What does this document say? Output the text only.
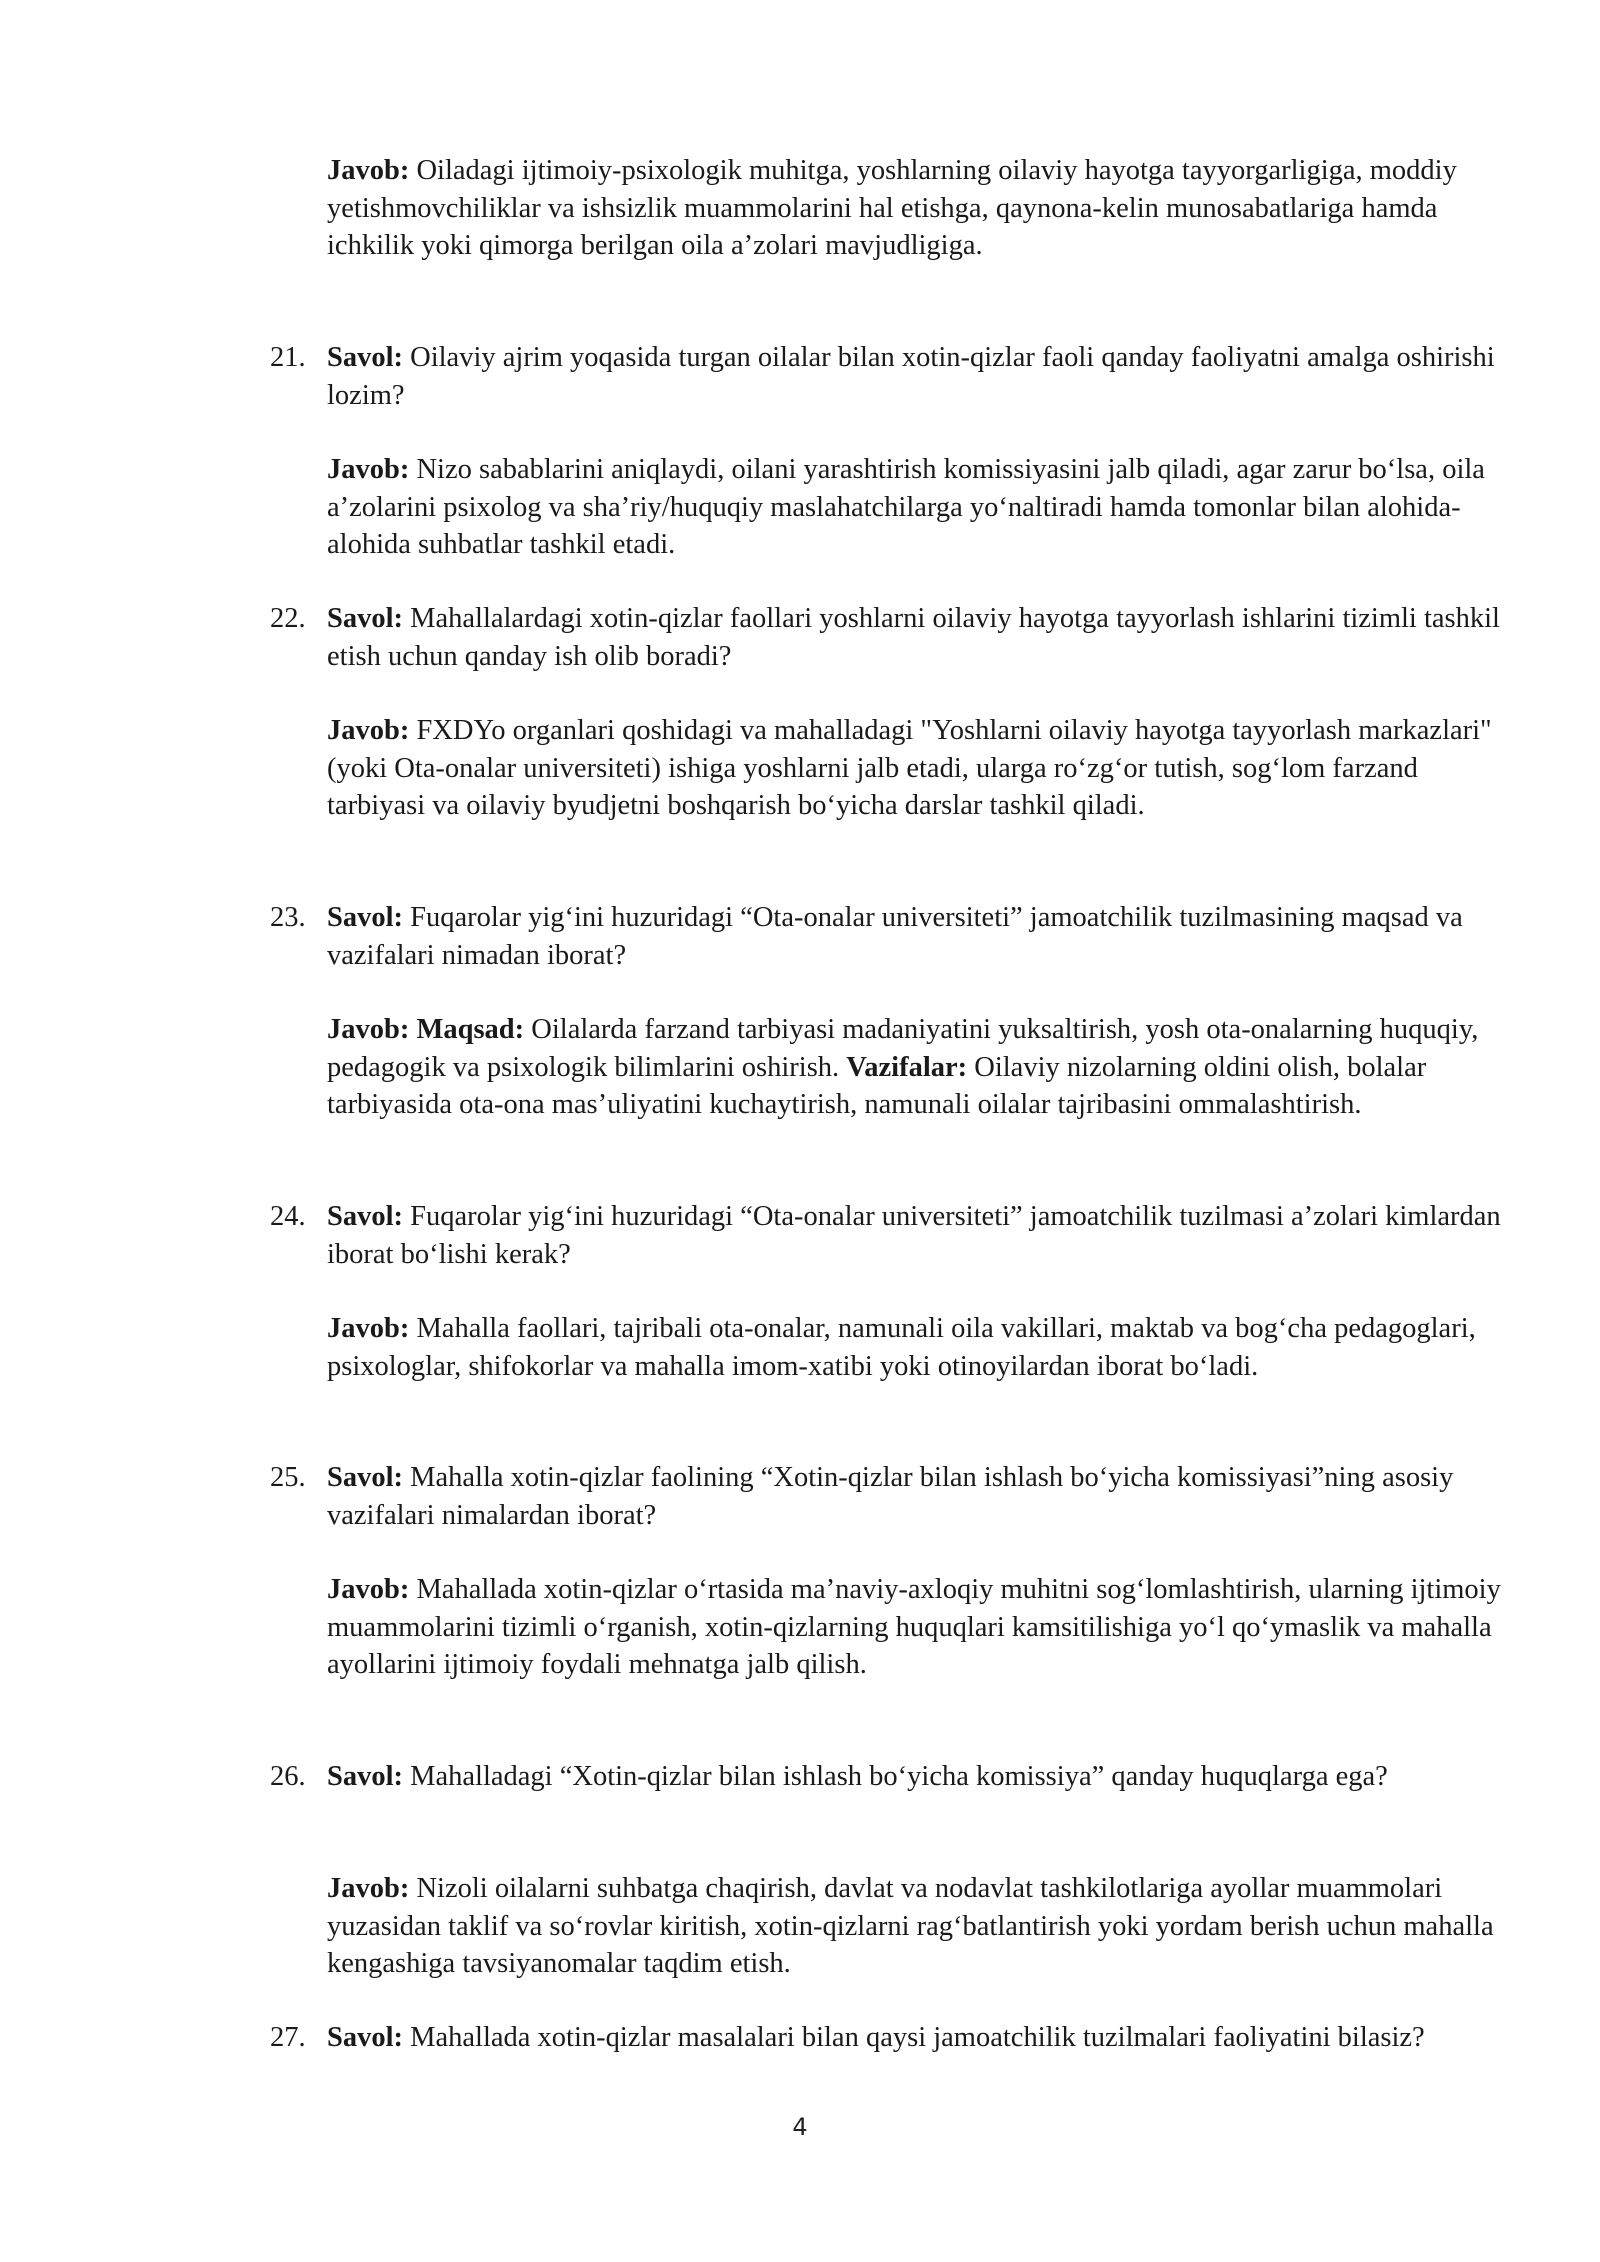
Javob: Oiladagi ijtimoiy-psixologik muhitga, yoshlarning oilaviy hayotga tayyorgarligiga, moddiy yetishmovchiliklar va ishsizlik muammolarini hal etishga, qaynona-kelin munosabatlariga hamda ichkilik yoki qimorga berilgan oila a’zolari mavjudligiga.

21. Savol: Oilaviy ajrim yoqasida turgan oilalar bilan xotin-qizlar faoli qanday faoliyatni amalga oshirishi lozim?

Javob: Nizo sabablarini aniqlaydi, oilani yarashtirish komissiyasini jalb qiladi, agar zarur bo‘lsa, oila a’zolarini psixolog va sha’riy/huquqiy maslahatchilarga yo‘naltiradi hamda tomonlar bilan alohida-alohida suhbatlar tashkil etadi.

22. Savol: Mahallalardagi xotin-qizlar faollari yoshlarni oilaviy hayotga tayyorlash ishlarini tizimli tashkil etish uchun qanday ish olib boradi?

Javob: FXDYo organlari qoshidagi va mahalladagi "Yoshlarni oilaviy hayotga tayyorlash markazlari" (yoki Ota-onalar universiteti) ishiga yoshlarni jalb etadi, ularga ro‘zg‘or tutish, sog‘lom farzand tarbiyasi va oilaviy byudjetni boshqarish bo‘yicha darslar tashkil qiladi.

23. Savol: Fuqarolar yig‘ini huzuridagi “Ota-onalar universiteti” jamoatchilik tuzilmasining maqsad va vazifalari nimadan iborat?

Javob: Maqsad: Oilalarda farzand tarbiyasi madaniyatini yuksaltirish, yosh ota-onalarning huquqiy, pedagogik va psixologik bilimlarini oshirish. Vazifalar: Oilaviy nizolarning oldini olish, bolalar tarbiyasida ota-ona mas’uliyatini kuchaytirish, namunali oilalar tajribasini ommalashtirish.

24. Savol: Fuqarolar yig‘ini huzuridagi “Ota-onalar universiteti” jamoatchilik tuzilmasi a’zolari kimlardan iborat bo‘lishi kerak?

Javob: Mahalla faollari, tajribali ota-onalar, namunali oila vakillari, maktab va bog‘cha pedagoglari, psixologlar, shifokorlar va mahalla imom-xatibi yoki otinoyilardan iborat bo‘ladi.

25. Savol: Mahalla xotin-qizlar faolining “Xotin-qizlar bilan ishlash bo‘yicha komissiyasi”ning asosiy vazifalari nimalardan iborat?

Javob: Mahallada xotin-qizlar o‘rtasida ma’naviy-axloqiy muhitni sog‘lomlashtirish, ularning ijtimoiy muammolarini tizimli o‘rganish, xotin-qizlarning huquqlari kamsitilishiga yo‘l qo‘ymaslik va mahalla ayollarini ijtimoiy foydali mehnatga jalb qilish.

26. Savol: Mahalladagi “Xotin-qizlar bilan ishlash bo‘yicha komissiya” qanday huquqlarga ega?

Javob: Nizoli oilalarni suhbatga chaqirish, davlat va nodavlat tashkilotlariga ayollar muammolari yuzasidan taklif va so‘rovlar kiritish, xotin-qizlarni rag‘batlantirish yoki yordam berish uchun mahalla kengashiga tavsiyanomalar taqdim etish.

27. Savol: Mahallada xotin-qizlar masalalari bilan qaysi jamoatchilik tuzilmalari faoliyatini bilasiz?

4
